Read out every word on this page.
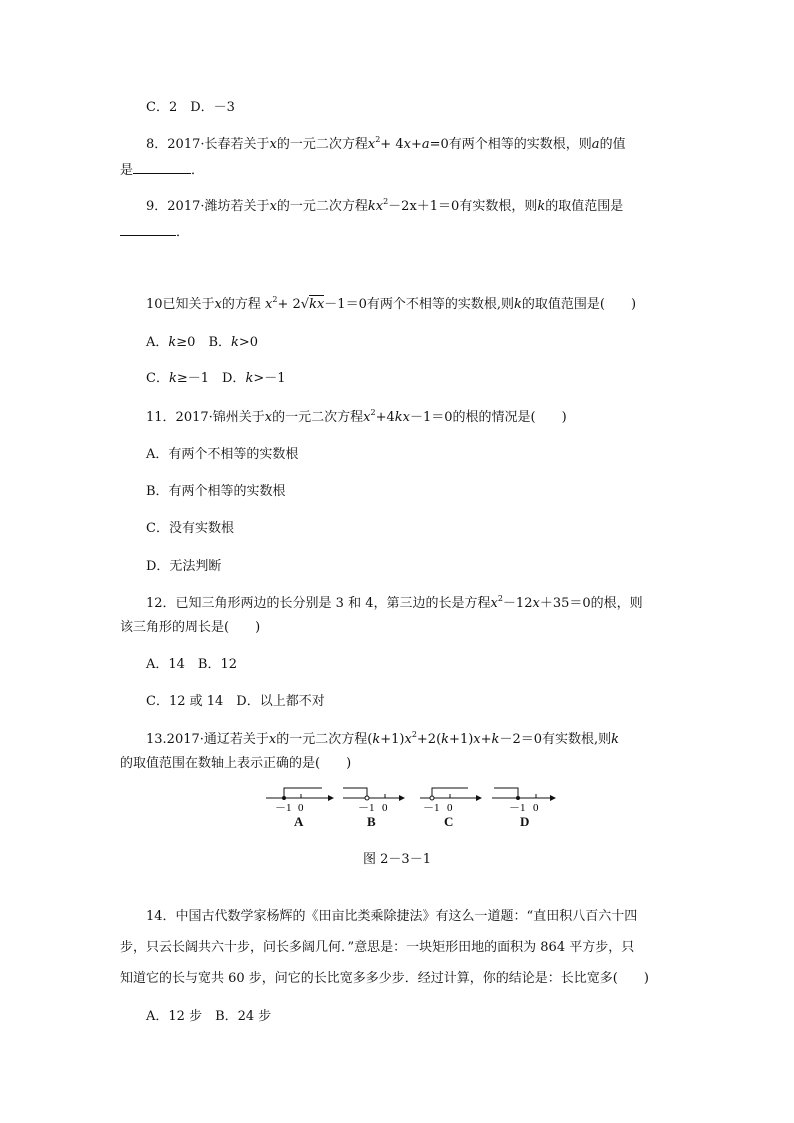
C．2　D．－3
8．2017·长春若关于x的一元二次方程$x^2+ 4x+a=0$有两个相等的实数根，则a的值
是	．
9．2017·潍坊若关于x的一元二次方程$kx^2-2x+1=0$有实数根，则k的取值范围是
．
10已知关于x的方程 $x^2+ 2√kx-1=0$有两个不相等的实数根,则k的取值范围是(　　)
A．k≥0　B．k>0
C．k≥－1　D．k>－1
11．2017·锦州关于x的一元二次方程$x^2+4kx-1=0$的根的情况是(　　)
A．有两个不相等的实数根
B．有两个相等的实数根
C．没有实数根
D．无法判断
12．已知三角形两边的长分别是 3 和 4，第三边的长是方程$x^2-12x+35=0$的根，则
该三角形的周长是(　　)
A．14　B．12
C．12 或 14　D．以上都不对
13.2017·通辽若关于x的一元二次方程$(k+1)x^2+2(k+1)x+k-2=0$有实数根,则k
的取值范围在数轴上表示正确的是(　　)
－1 0
A
－1 0
B
－1 0
C
－1 0
D
图 2－3－1
14．中国古代数学家杨辉的《田亩比类乘除捷法》有这么一道题：“直田积八百六十四
步，只云长阔共六十步，问长多阔几何．”意思是：一块矩形田地的面积为 864 平方步，只
知道它的长与宽共 60 步，问它的长比宽多多少步．经过计算，你的结论是：长比宽多(　　)
A．12 步　B．24 步
